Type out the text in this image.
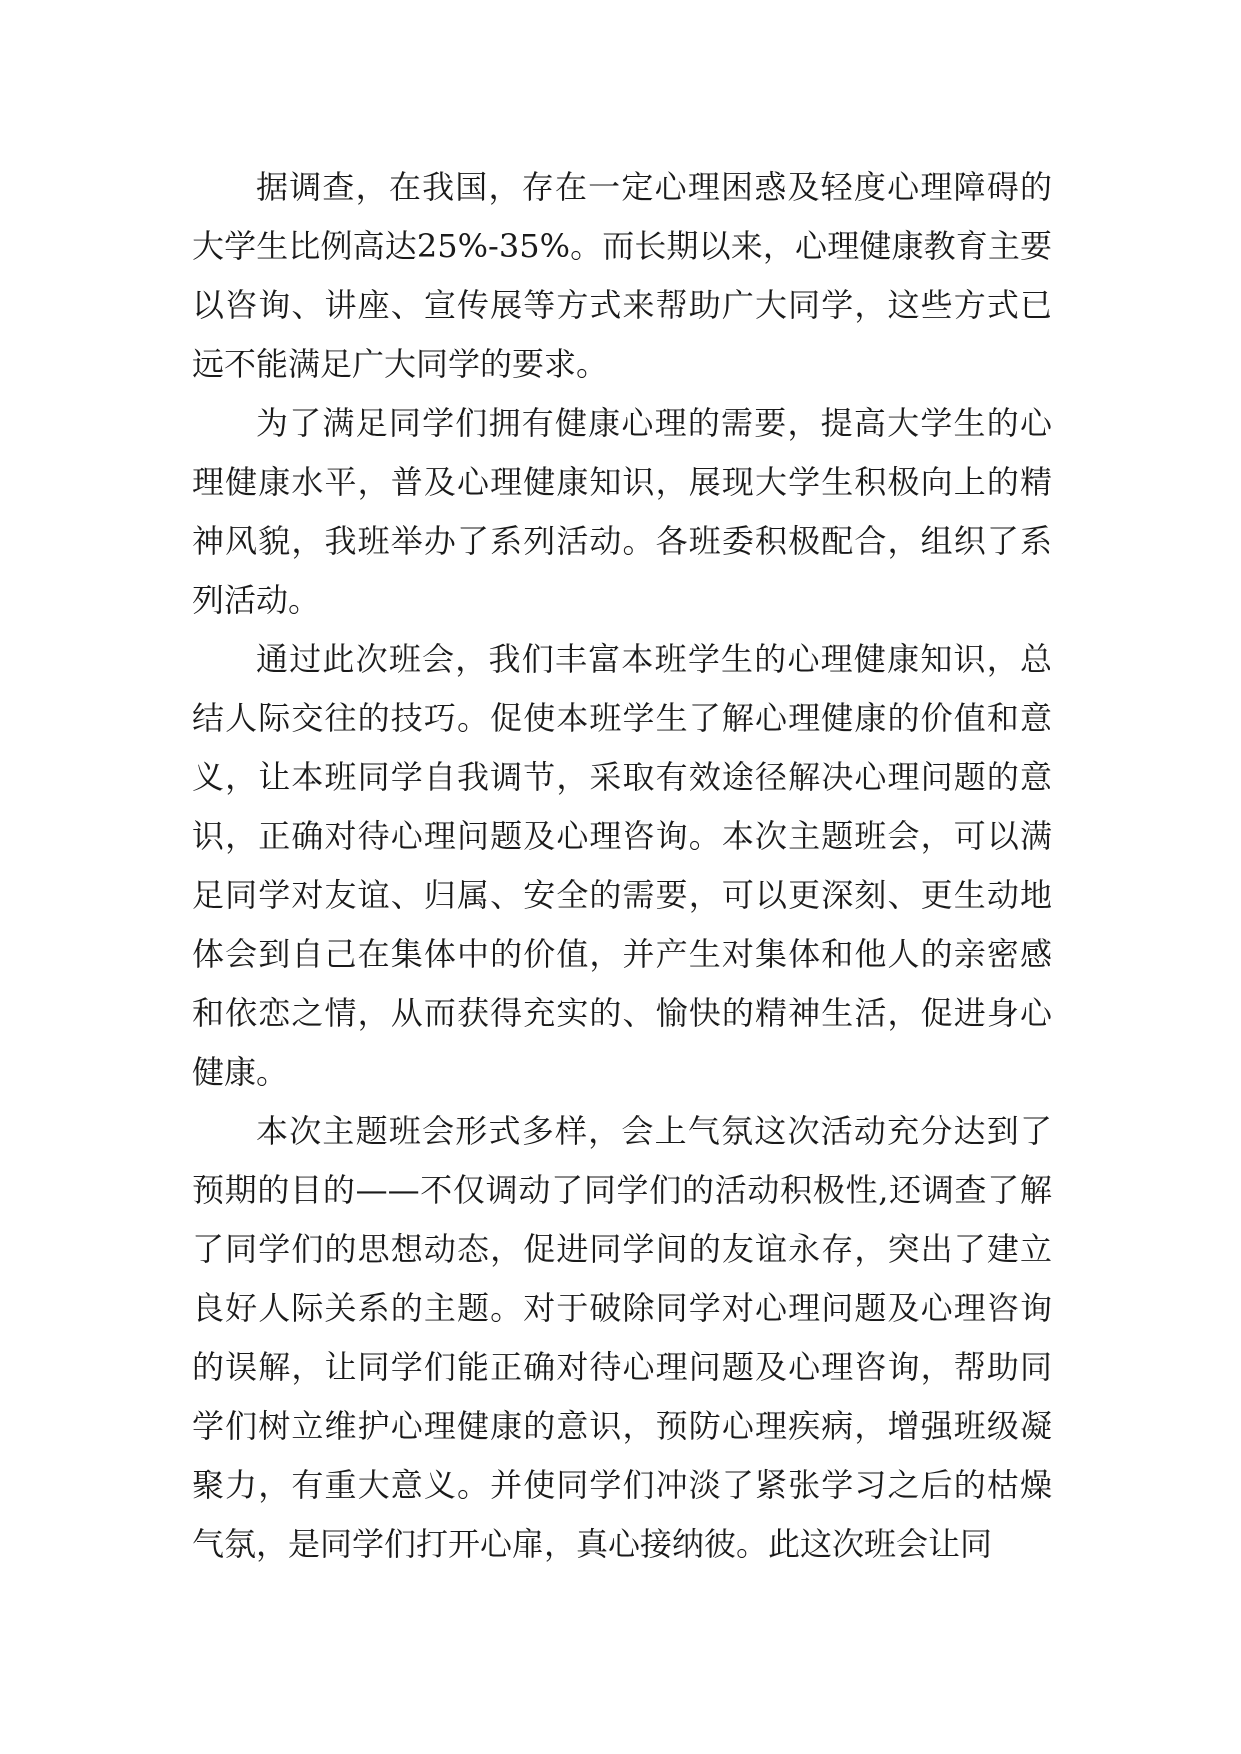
据调查，在我国，存在一定心理困惑及轻度心理障碍的大学生比例高达25%-35%。而长期以来，心理健康教育主要以咨询、讲座、宣传展等方式来帮助广大同学，这些方式已远不能满足广大同学的要求。

为了满足同学们拥有健康心理的需要，提高大学生的心理健康水平，普及心理健康知识，展现大学生积极向上的精神风貌，我班举办了系列活动。各班委积极配合，组织了系列活动。

通过此次班会，我们丰富本班学生的心理健康知识，总结人际交往的技巧。促使本班学生了解心理健康的价值和意义，让本班同学自我调节，采取有效途径解决心理问题的意识，正确对待心理问题及心理咨询。本次主题班会，可以满足同学对友谊、归属、安全的需要，可以更深刻、更生动地体会到自己在集体中的价值，并产生对集体和他人的亲密感和依恋之情，从而获得充实的、愉快的精神生活，促进身心健康。

本次主题班会形式多样，会上气氛这次活动充分达到了预期的目的——不仅调动了同学们的活动积极性,还调查了解了同学们的思想动态，促进同学间的友谊永存，突出了建立良好人际关系的主题。对于破除同学对心理问题及心理咨询的误解，让同学们能正确对待心理问题及心理咨询，帮助同学们树立维护心理健康的意识，预防心理疾病，增强班级凝聚力，有重大意义。并使同学们冲淡了紧张学习之后的枯燥气氛，是同学们打开心扉，真心接纳彼。此这次班会让同
